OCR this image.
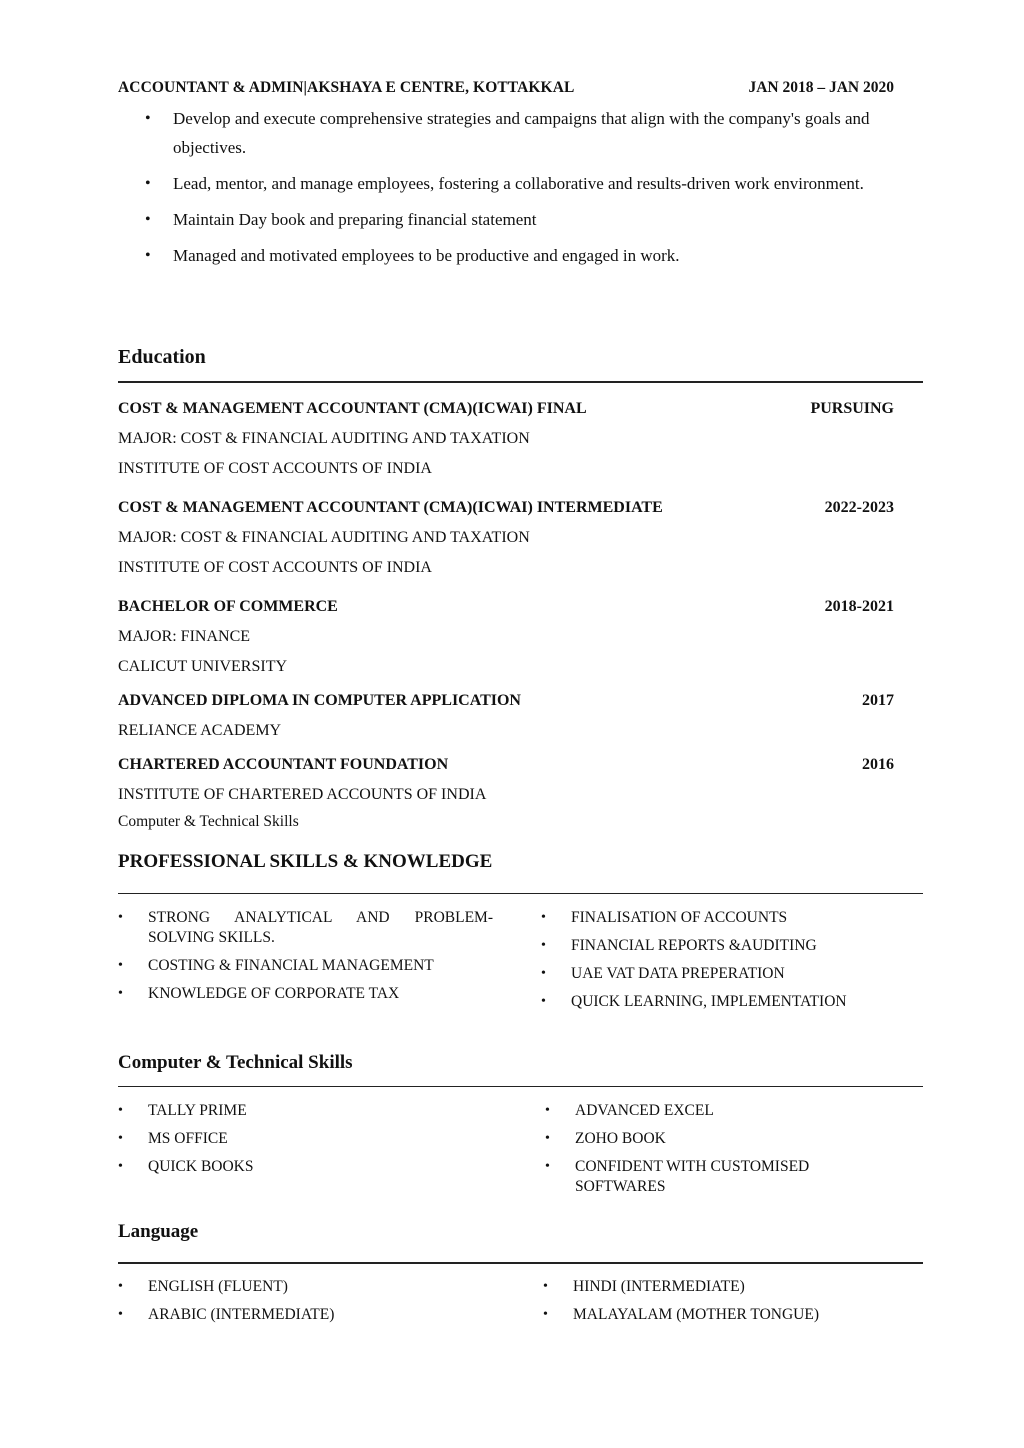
ACCOUNTANT & ADMIN|AKSHAYA E CENTRE, KOTTAKKAL	JAN 2018 – JAN 2020
• Develop and execute comprehensive strategies and campaigns that align with the company's goals and objectives.
• Lead, mentor, and manage employees, fostering a collaborative and results-driven work environment.
• Maintain Day book and preparing financial statement
• Managed and motivated employees to be productive and engaged in work.
Education
COST & MANAGEMENT ACCOUNTANT (CMA)(ICWAI) FINAL	PURSUING
MAJOR: COST & FINANCIAL AUDITING AND TAXATION
INSTITUTE OF COST ACCOUNTS OF INDIA
COST & MANAGEMENT ACCOUNTANT (CMA)(ICWAI) INTERMEDIATE	2022-2023
MAJOR: COST & FINANCIAL AUDITING AND TAXATION
INSTITUTE OF COST ACCOUNTS OF INDIA
BACHELOR OF COMMERCE	2018-2021
MAJOR: FINANCE
CALICUT UNIVERSITY
ADVANCED DIPLOMA IN COMPUTER APPLICATION	2017
RELIANCE ACADEMY
CHARTERED ACCOUNTANT FOUNDATION	2016
INSTITUTE OF CHARTERED ACCOUNTS OF INDIA
Computer & Technical Skills
PROFESSIONAL SKILLS & KNOWLEDGE
• STRONG ANALYTICAL AND PROBLEM-SOLVING SKILLS.
• COSTING & FINANCIAL MANAGEMENT
• KNOWLEDGE OF CORPORATE TAX
• FINALISATION OF ACCOUNTS
• FINANCIAL REPORTS &AUDITING
• UAE VAT DATA PREPERATION
• QUICK LEARNING, IMPLEMENTATION
Computer & Technical Skills
• TALLY PRIME
• MS OFFICE
• QUICK BOOKS
• ADVANCED EXCEL
• ZOHO BOOK
• CONFIDENT WITH CUSTOMISED SOFTWARES
Language
• ENGLISH (FLUENT)
• ARABIC (INTERMEDIATE)
• HINDI (INTERMEDIATE)
• MALAYALAM (MOTHER TONGUE)
